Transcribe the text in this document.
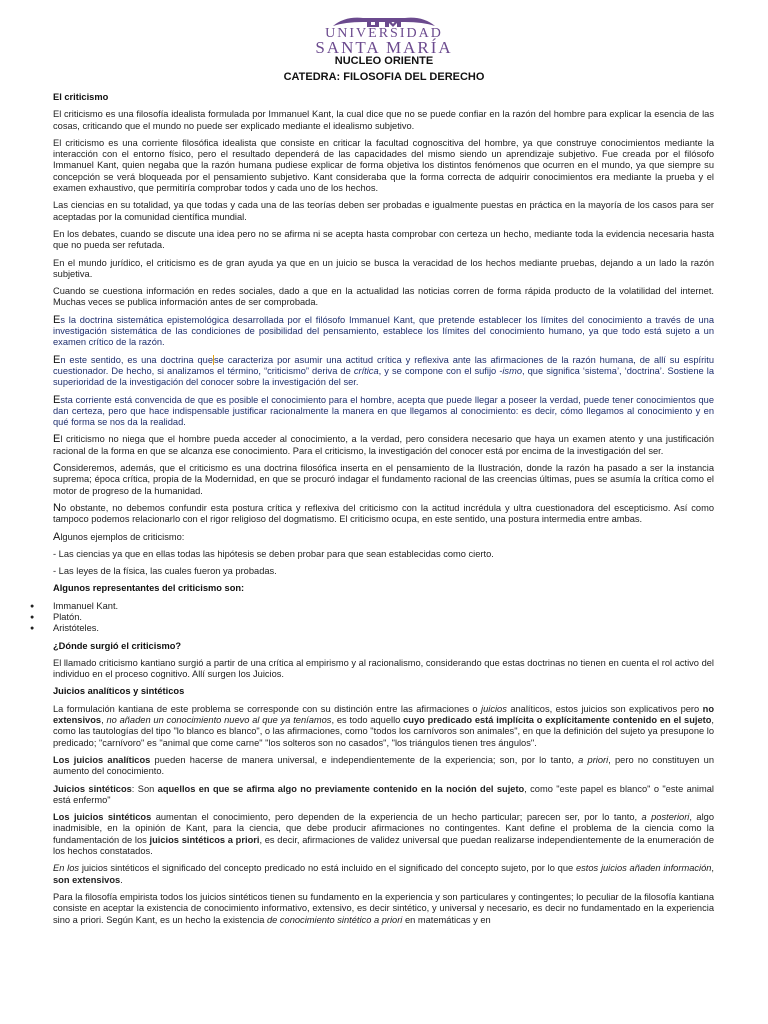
UNIVERSIDAD
SANTA MARÍA
NUCLEO ORIENTE
CATEDRA: FILOSOFIA DEL DERECHO
El criticismo

El criticismo es una filosofía idealista formulada por Immanuel Kant, la cual dice que no se puede confiar en la razón del hombre para explicar la esencia de las cosas, criticando que el mundo no puede ser explicado mediante el idealismo subjetivo.

El criticismo es una corriente filosófica idealista que consiste en criticar la facultad cognoscitiva del hombre, ya que construye conocimientos mediante la interacción con el entorno físico, pero el resultado dependerá de las capacidades del mismo siendo un aprendizaje subjetivo. Fue creada por el filósofo Immanuel Kant, quien negaba que la razón humana pudiese explicar de forma objetiva los distintos fenómenos que ocurren en el mundo, ya que siempre su concepción se verá bloqueada por el pensamiento subjetivo. Kant consideraba que la forma correcta de adquirir conocimientos era mediante la prueba y el examen exhaustivo, que permitiría comprobar todos y cada uno de los hechos.

Las ciencias en su totalidad, ya que todas y cada una de las teorías deben ser probadas e igualmente puestas en práctica en la mayoría de los casos para ser aceptadas por la comunidad científica mundial.

En los debates, cuando se discute una idea pero no se afirma ni se acepta hasta comprobar con certeza un hecho, mediante toda la evidencia necesaria hasta que no pueda ser refutada.

En el mundo jurídico, el criticismo es de gran ayuda ya que en un juicio se busca la veracidad de los hechos mediante pruebas, dejando a un lado la razón subjetiva.

Cuando se cuestiona información en redes sociales, dado a que en la actualidad las noticias corren de forma rápida producto de la volatilidad del internet. Muchas veces se publica información antes de ser comprobada.

Es la doctrina sistemática epistemológica desarrollada por el filósofo Immanuel Kant, que pretende establecer los límites del conocimiento a través de una investigación sistemática de las condiciones de posibilidad del pensamiento, establece los límites del conocimiento humano, ya que todo está sujeto a un examen crítico de la razón.

En este sentido, es una doctrina quese caracteriza por asumir una actitud crítica y reflexiva ante las afirmaciones de la razón humana, de allí su espíritu cuestionador. De hecho, si analizamos el término, “criticismo” deriva de crítica, y se compone con el sufijo -ismo, que significa ‘sistema’, ‘doctrina’. Sostiene la superioridad de la investigación del conocer sobre la investigación del ser.

Esta corriente está convencida de que es posible el conocimiento para el hombre, acepta que puede llegar a poseer la verdad, puede tener conocimientos que dan certeza, pero que hace indispensable justificar racionalmente la manera en que llegamos al conocimiento: es decir, cómo llegamos al conocimiento y en qué forma se nos da la realidad.

El criticismo no niega que el hombre pueda acceder al conocimiento, a la verdad, pero considera necesario que haya un examen atento y una justificación racional de la forma en que se alcanza ese conocimiento. Para el criticismo, la investigación del conocer está por encima de la investigación del ser.

Consideremos, además, que el criticismo es una doctrina filosófica inserta en el pensamiento de la Ilustración, donde la razón ha pasado a ser la instancia suprema; época crítica, propia de la Modernidad, en que se procuró indagar el fundamento racional de las creencias últimas, pues se asumía la crítica como el motor de progreso de la humanidad.

No obstante, no debemos confundir esta postura crítica y reflexiva del criticismo con la actitud incrédula y ultra cuestionadora del escepticismo. Así como tampoco podemos relacionarlo con el rigor religioso del dogmatismo. El criticismo ocupa, en este sentido, una postura intermedia entre ambas.

Algunos ejemplos de criticismo:

- Las ciencias ya que en ellas todas las hipótesis se deben probar para que sean establecidas como cierto.

- Las leyes de la física, las cuales fueron ya probadas.

Algunos representantes del criticismo son:
● Immanuel Kant.
● Platón.
● Aristóteles.
¿Dónde surgió el criticismo?

El llamado criticismo kantiano surgió a partir de una crítica al empirismo y al racionalismo, considerando que estas doctrinas no tienen en cuenta el rol activo del individuo en el proceso cognitivo. Allí surgen los Juicios.

Juicios analíticos y sintéticos

La formulación kantiana de este problema se corresponde con su distinción entre las afirmaciones o juicios analíticos, estos juicios son explicativos pero no extensivos, no añaden un conocimiento nuevo al que ya teníamos, es todo aquello cuyo predicado está implícita o explícitamente contenido en el sujeto, como las tautologías del tipo "lo blanco es blanco", o las afirmaciones, como "todos los carnívoros son animales", en que la definición del sujeto ya presupone lo predicado; "carnívoro" es "animal que come carne" "los solteros son no casados", "los triángulos tienen tres ángulos".

Los juicios analíticos pueden hacerse de manera universal, e independientemente de la experiencia; son, por lo tanto, a priori, pero no constituyen un aumento del conocimiento.

Juicios sintéticos: Son aquellos en que se afirma algo no previamente contenido en la noción del sujeto, como "este papel es blanco" o "este animal está enfermo"

Los juicios sintéticos aumentan el conocimiento, pero dependen de la experiencia de un hecho particular; parecen ser, por lo tanto, a posteriori, algo inadmisible, en la opinión de Kant, para la ciencia, que debe producir afirmaciones no contingentes. Kant define el problema de la ciencia como la fundamentación de los juicios sintéticos a priori, es decir, afirmaciones de validez universal que puedan realizarse independientemente de la enumeración de los hechos constatados.

En los juicios sintéticos el significado del concepto predicado no está incluido en el significado del concepto sujeto, por lo que estos juicios añaden información, son extensivos.

Para la filosofía empirista todos los juicios sintéticos tienen su fundamento en la experiencia y son particulares y contingentes; lo peculiar de la filosofía kantiana consiste en aceptar la existencia de conocimiento informativo, extensivo, es decir sintético, y universal y necesario, es decir no fundamentado en la experiencia sino a priori. Según Kant, es un hecho la existencia de conocimiento sintético a priori en matemáticas y en
